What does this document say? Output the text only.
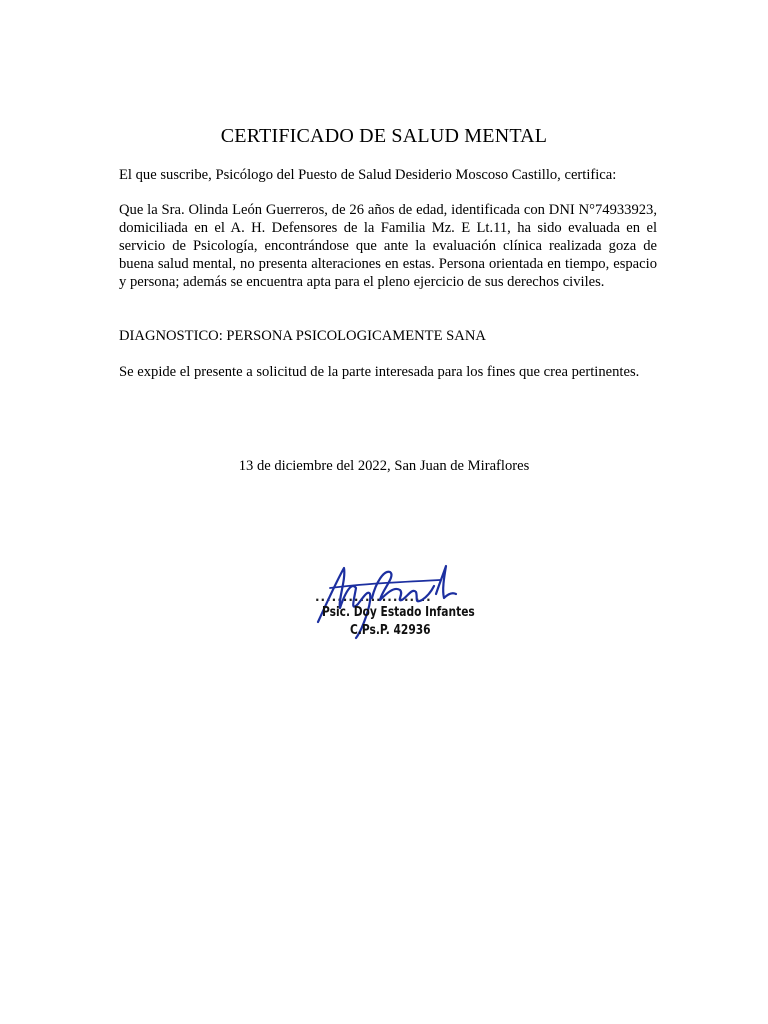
CERTIFICADO DE SALUD MENTAL

El que suscribe, Psicólogo del Puesto de Salud Desiderio Moscoso Castillo, certifica:

Que la Sra. Olinda León Guerreros, de 26 años de edad, identificada con DNI N°74933923, domiciliada en el A. H. Defensores de la Familia Mz. E Lt.11, ha sido evaluada en el servicio de Psicología, encontrándose que ante la evaluación clínica realizada goza de buena salud mental, no presenta alteraciones en estas. Persona orientada en tiempo, espacio y persona; además se encuentra apta para el pleno ejercicio de sus derechos civiles.

DIAGNOSTICO: PERSONA PSICOLOGICAMENTE SANA

Se expide el presente a solicitud de la parte interesada para los fines que crea pertinentes.

13 de diciembre del 2022, San Juan de Miraflores
.....................
Psic. Doy Estado Infantes
C.Ps.P. 42936
